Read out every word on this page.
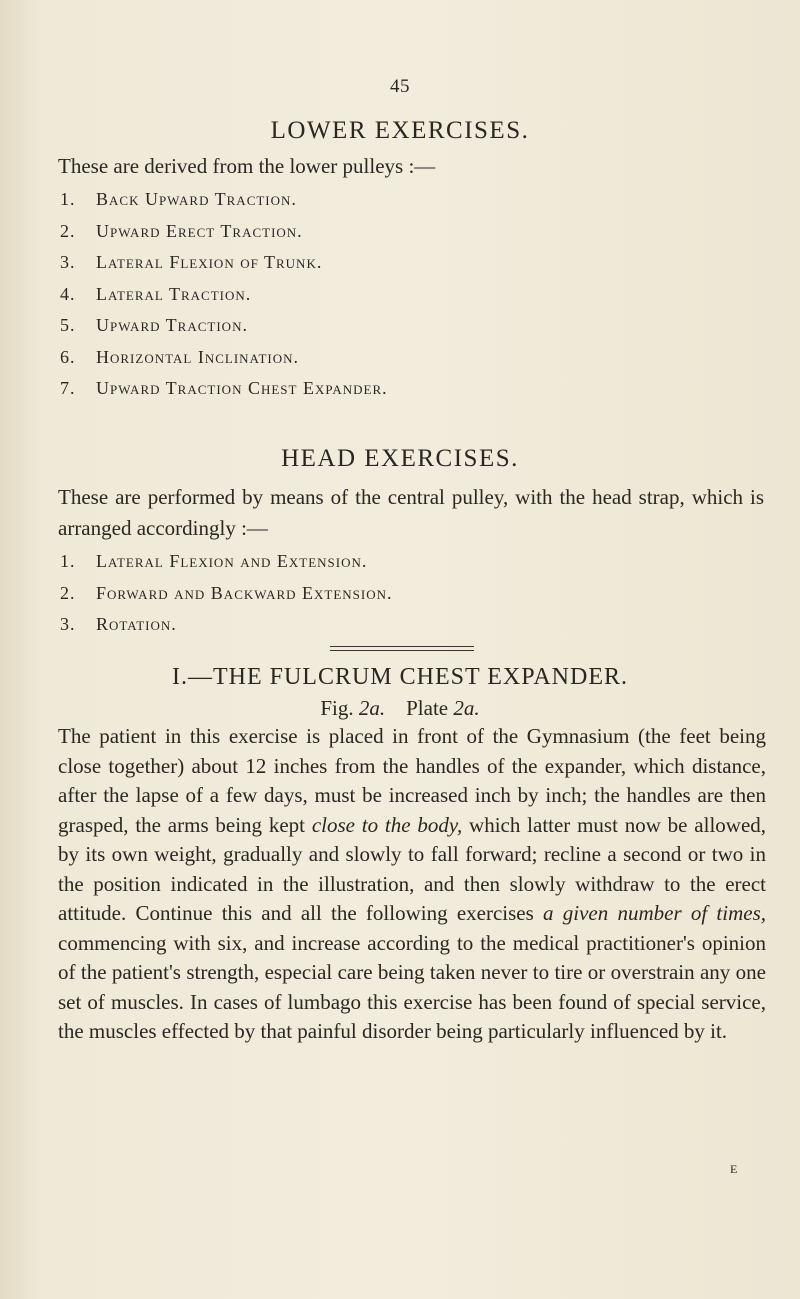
45
LOWER EXERCISES.

These are derived from the lower pulleys :—

1. Back Upward Traction.
2. Upward Erect Traction.
3. Lateral Flexion of Trunk.
4. Lateral Traction.
5. Upward Traction.
6. Horizontal Inclination.
7. Upward Traction Chest Expander.
HEAD EXERCISES.

These are performed by means of the central pulley, with the head strap, which is arranged accordingly :—

1. Lateral Flexion and Extension.
2. Forward and Backward Extension.
3. Rotation.
I.—THE FULCRUM CHEST EXPANDER.
Fig. 2a. Plate 2a.

The patient in this exercise is placed in front of the Gymnasium (the feet being close together) about 12 inches from the handles of the expander, which distance, after the lapse of a few days, must be increased inch by inch; the handles are then grasped, the arms being kept close to the body, which latter must now be allowed, by its own weight, gradually and slowly to fall forward; recline a second or two in the position indicated in the illustration, and then slowly withdraw to the erect attitude. Continue this and all the following exercises a given number of times, commencing with six, and increase according to the medical practitioner's opinion of the patient's strength, especial care being taken never to tire or overstrain any one set of muscles. In cases of lumbago this exercise has been found of special service, the muscles effected by that painful disorder being particularly influenced by it.

E
